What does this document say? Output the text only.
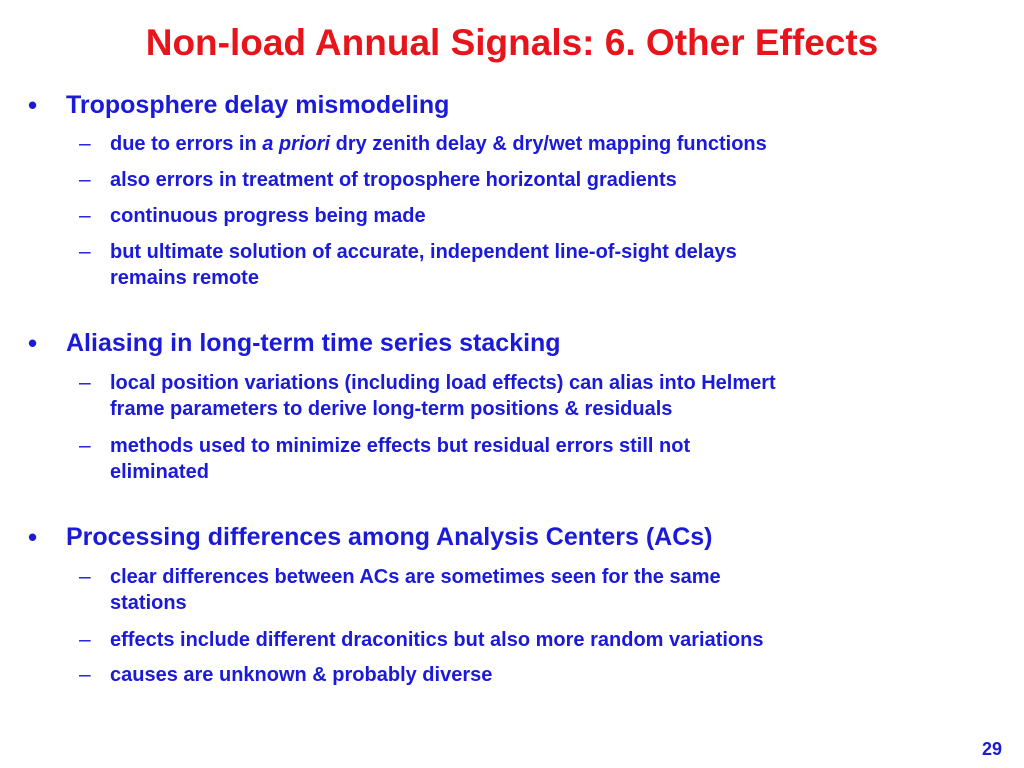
Non-load Annual Signals: 6. Other Effects
• Troposphere delay mismodeling
– due to errors in a priori dry zenith delay & dry/wet mapping functions
– also errors in treatment of troposphere horizontal gradients
– continuous progress being made
– but ultimate solution of accurate, independent line-of-sight delays
remains remote
• Aliasing in long-term time series stacking
– local position variations (including load effects) can alias into Helmert
frame parameters to derive long-term positions & residuals
– methods used to minimize effects but residual errors still not
eliminated
• Processing differences among Analysis Centers (ACs)
– clear differences between ACs are sometimes seen for the same
stations
– effects include different draconitics but also more random variations
– causes are unknown & probably diverse
29
